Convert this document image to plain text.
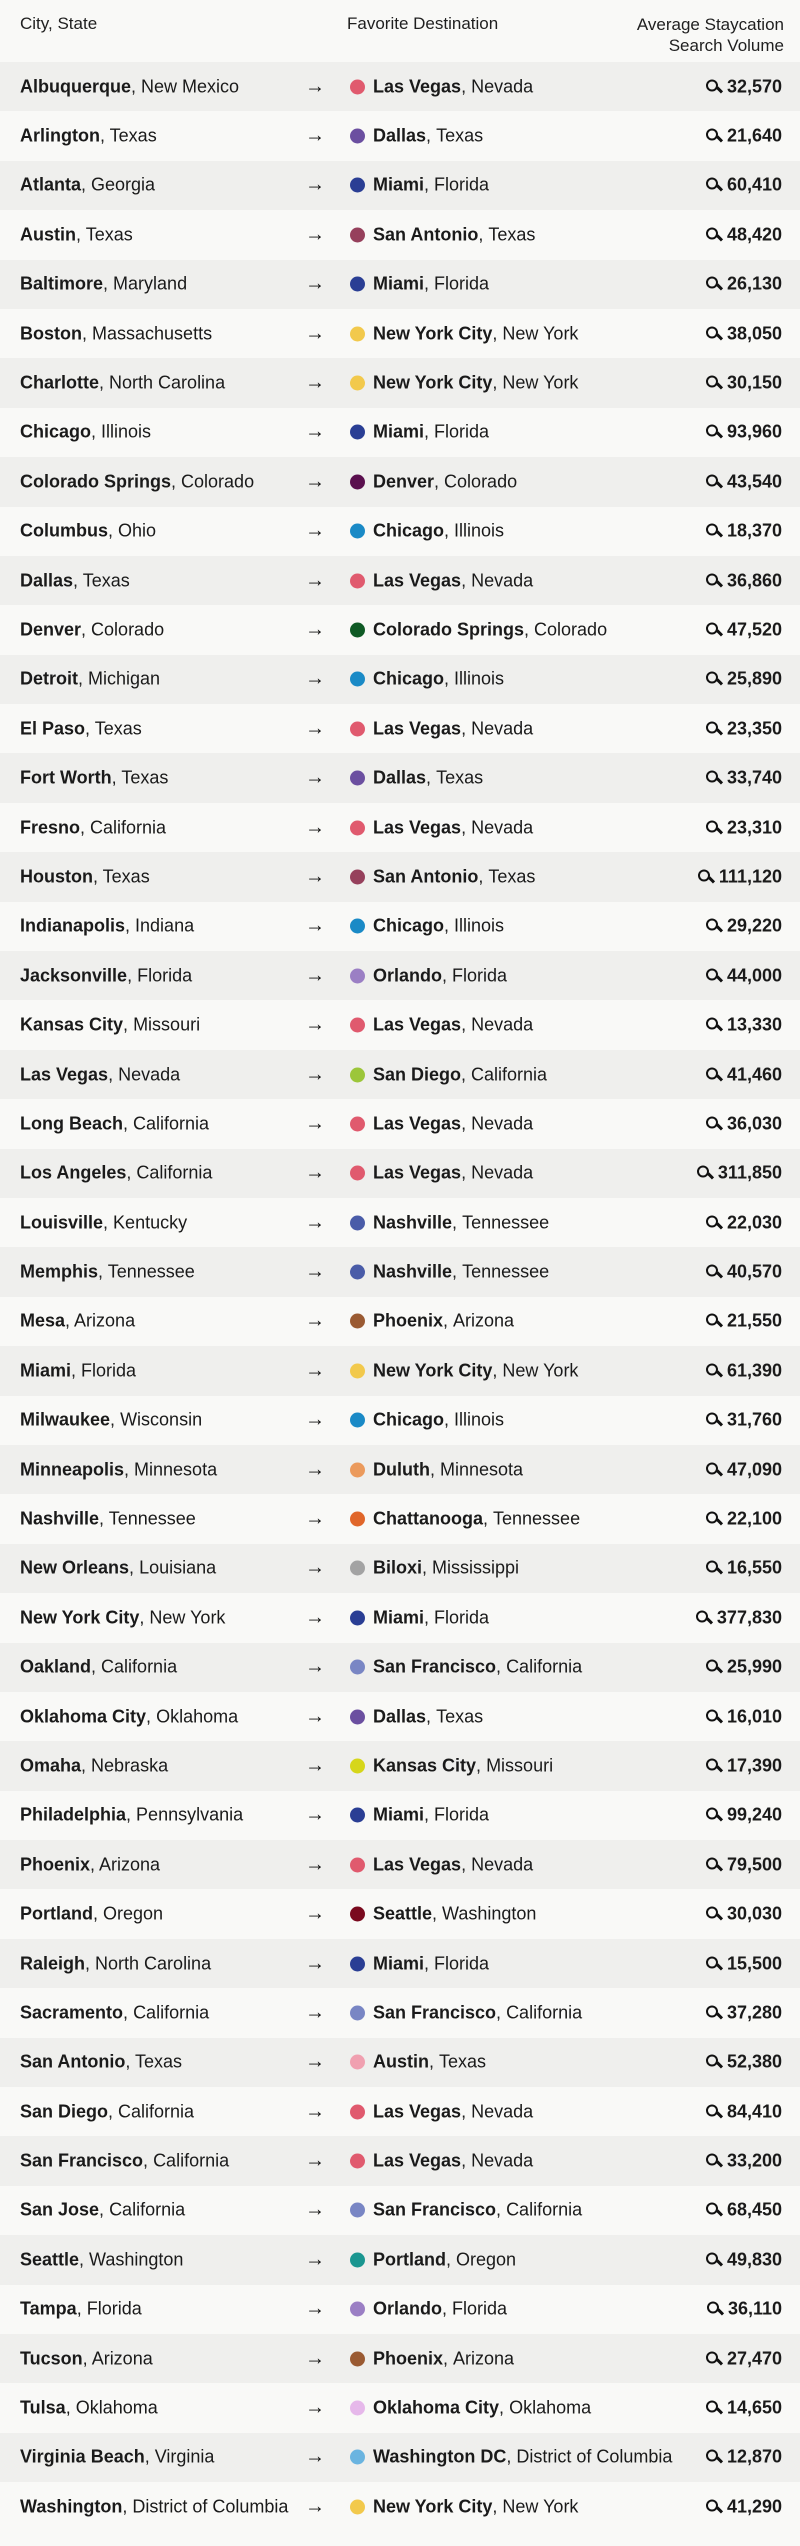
City, State	Favorite Destination	Average Staycation
Search Volume
Albuquerque, New Mexico	→	Las Vegas , Nevada	32,570
Arlington, Texas	→	Dallas , Texas	21,640
Atlanta, Georgia	→	Miami , Florida	60,410
Austin, Texas	→	San Antonio , Texas	48,420
Baltimore, Maryland	→	Miami , Florida	26,130
Boston, Massachusetts	→	New York City , New York	38,050
Charlotte, North Carolina	→	New York City , New York	30,150
Chicago, Illinois	→	Miami , Florida	93,960
Colorado Springs, Colorado	→	Denver , Colorado	43,540
Columbus, Ohio	→	Chicago , Illinois	18,370
Dallas, Texas	→	Las Vegas , Nevada	36,860
Denver, Colorado	→	Colorado Springs , Colorado	47,520
Detroit, Michigan	→	Chicago , Illinois	25,890
El Paso, Texas	→	Las Vegas , Nevada	23,350
Fort Worth, Texas	→	Dallas , Texas	33,740
Fresno, California	→	Las Vegas , Nevada	23,310
Houston, Texas	→	San Antonio , Texas	111,120
Indianapolis, Indiana	→	Chicago , Illinois	29,220
Jacksonville, Florida	→	Orlando , Florida	44,000
Kansas City, Missouri	→	Las Vegas , Nevada	13,330
Las Vegas, Nevada	→	San Diego , California	41,460
Long Beach, California	→	Las Vegas , Nevada	36,030
Los Angeles, California	→	Las Vegas , Nevada	311,850
Louisville, Kentucky	→	Nashville , Tennessee	22,030
Memphis, Tennessee	→	Nashville , Tennessee	40,570
Mesa, Arizona	→	Phoenix , Arizona	21,550
Miami, Florida	→	New York City , New York	61,390
Milwaukee, Wisconsin	→	Chicago , Illinois	31,760
Minneapolis, Minnesota	→	Duluth , Minnesota	47,090
Nashville, Tennessee	→	Chattanooga , Tennessee	22,100
New Orleans, Louisiana	→	Biloxi , Mississippi	16,550
New York City, New York	→	Miami , Florida	377,830
Oakland, California	→	San Francisco , California	25,990
Oklahoma City, Oklahoma	→	Dallas , Texas	16,010
Omaha, Nebraska	→	Kansas City , Missouri	17,390
Philadelphia, Pennsylvania	→	Miami , Florida	99,240
Phoenix, Arizona	→	Las Vegas , Nevada	79,500
Portland, Oregon	→	Seattle , Washington	30,030
Raleigh, North Carolina	→	Miami , Florida	15,500
Sacramento, California	→	San Francisco , California	37,280
San Antonio, Texas	→	Austin , Texas	52,380
San Diego, California	→	Las Vegas , Nevada	84,410
San Francisco, California	→	Las Vegas , Nevada	33,200
San Jose, California	→	San Francisco , California	68,450
Seattle, Washington	→	Portland , Oregon	49,830
Tampa, Florida	→	Orlando , Florida	36,110
Tucson, Arizona	→	Phoenix , Arizona	27,470
Tulsa, Oklahoma	→	Oklahoma City , Oklahoma	14,650
Virginia Beach, Virginia	→	Washington DC , District of Columbia	12,870
Washington, District of Columbia →	New York City , New York	41,290
